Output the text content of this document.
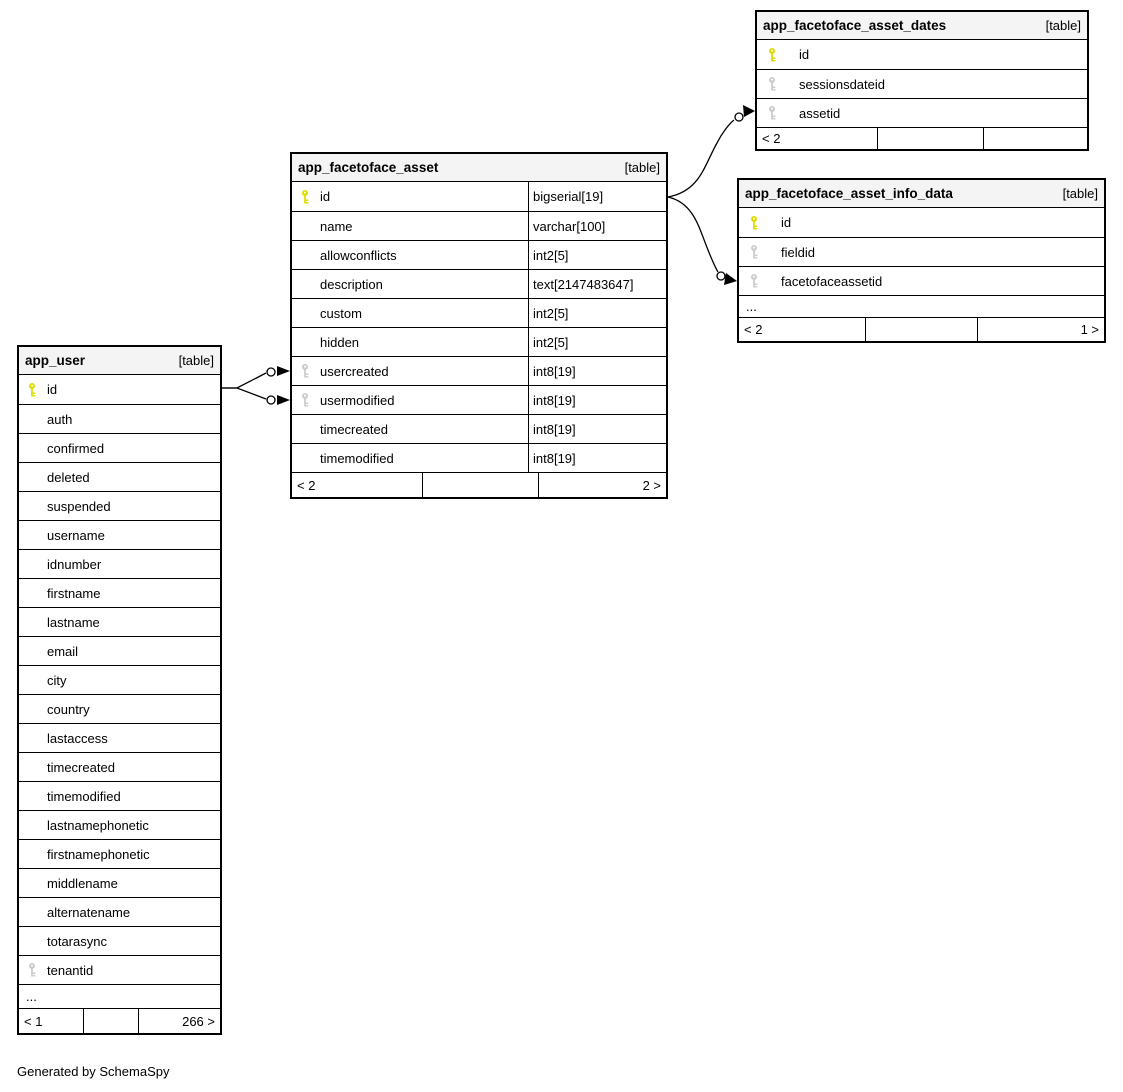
app_user	[table]
id
auth
confirmed
deleted
suspended
username
idnumber
firstname
lastname
email
city
country
lastaccess
timecreated
timemodified
lastnamephonetic
firstnamephonetic
middlename
alternatename
totarasync
tenantid
...
< 1	266 >
app_facetoface_asset	[table]
id	bigserial[19]
name	varchar[100]
allowconflicts	int2[5]
description	text[2147483647]
custom	int2[5]
hidden	int2[5]
usercreated	int8[19]
usermodified	int8[19]
timecreated	int8[19]
timemodified	int8[19]
< 2	2 >
app_facetoface_asset_dates	[table]
id
sessionsdateid
assetid
< 2
app_facetoface_asset_info_data	[table]
id
fieldid
facetofaceassetid
...
< 2	1 >
Generated by SchemaSpy
